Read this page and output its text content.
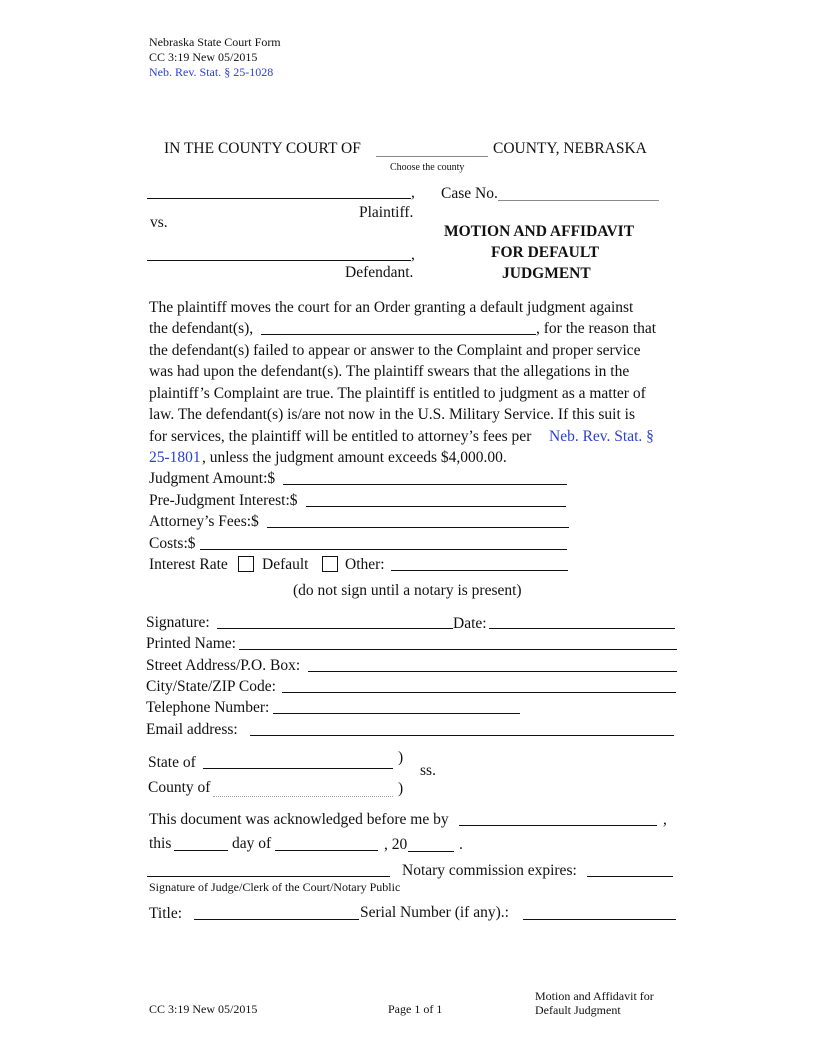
Nebraska State Court Form
CC 3:19 New 05/2015
Neb. Rev. Stat. § 25-1028
IN THE COUNTY COURT OF	COUNTY, NEBRASKA
Choose the county
,
Plaintiff.
vs.
,
Defendant.
Case No.
MOTION AND AFFIDAVIT
FOR DEFAULT
JUDGMENT
The plaintiff moves the court for an Order granting a default judgment against
the defendant(s),	, for the reason that
the defendant(s) failed to appear or answer to the Complaint and proper service
was had upon the defendant(s). The plaintiff swears that the allegations in the
plaintiff’s Complaint are true. The plaintiff is entitled to judgment as a matter of
law. The defendant(s) is/are not now in the U.S. Military Service. If this suit is
for services, the plaintiff will be entitled to attorney’s fees per Neb. Rev. Stat. §
25-1801 , unless the judgment amount exceeds $4,000.00.
Judgment Amount:$
Pre-Judgment Interest:$
Attorney’s Fees:$
Costs:$
Interest Rate Default Other:
(do not sign until a notary is present)
Signature:	Date:
Printed Name:
Street Address/P.O. Box:
City/State/ZIP Code:
Telephone Number:
Email address:
State of	)
ss.
County of	)
This document was acknowledged before me by	,
this	day of	, 20	.
Notary commission expires:
Signature of Judge/Clerk of the Court/Notary Public
Title:	Serial Number (if any).:
CC 3:19 New 05/2015	Page 1 of 1
Motion and Affidavit for
Default Judgment
